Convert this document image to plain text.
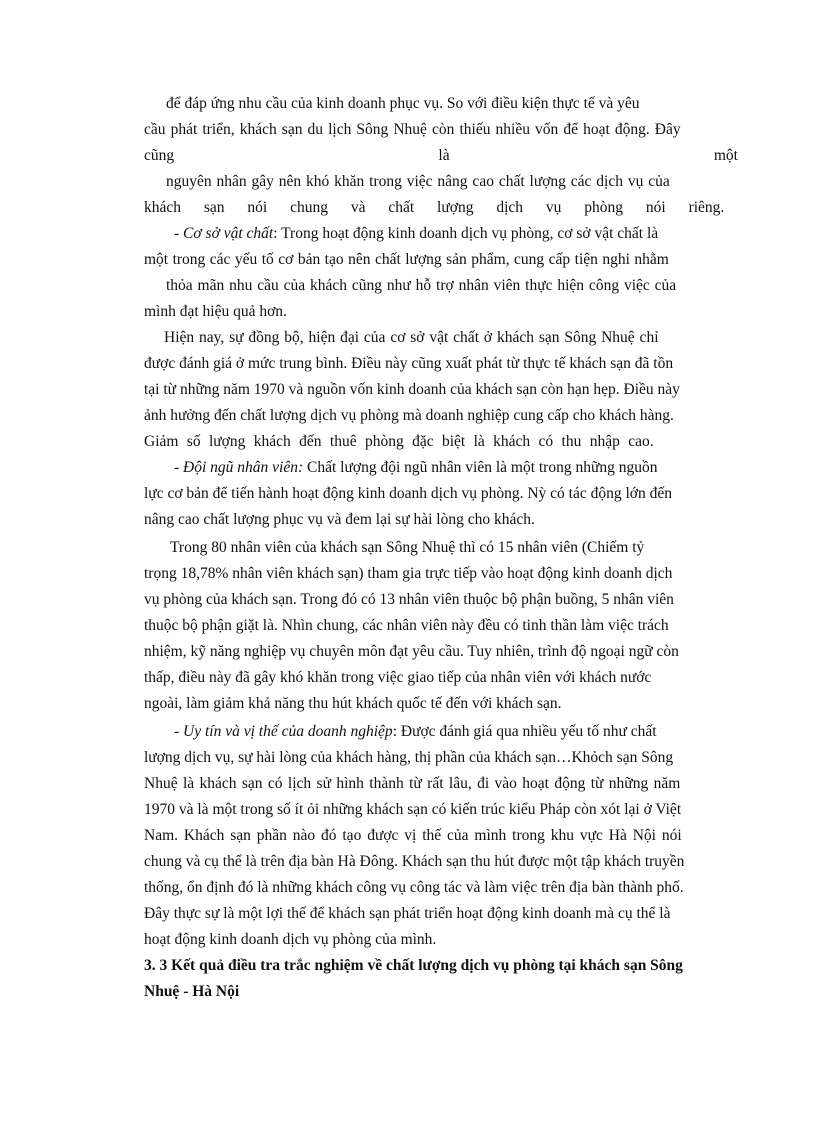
để đáp ứng nhu cầu của kinh doanh phục vụ. So với điều kiện thực tế và yêu
cầu phát triển, khách sạn du lịch Sông Nhuệ còn thiếu nhiều vốn để hoạt động. Đây
cũng	là	một
nguyên nhân gây nên khó khăn trong việc nâng cao chất lượng các dịch vụ của
khách sạn nói chung và chất lượng dịch vụ phòng nói riêng.
- Cơ sở vật chất: Trong hoạt động kinh doanh dịch vụ phòng, cơ sở vật chất là
một trong các yếu tố cơ bản tạo nên chất lượng sản phẩm, cung cấp tiện nghi nhằm
thỏa mãn nhu cầu của khách cũng như hỗ trợ nhân viên thực hiện công việc của
mình đạt hiệu quả hơn.
Hiện nay, sự đồng bộ, hiện đại của cơ sở vật chất ở khách sạn Sông Nhuệ chỉ
được đánh giá ở mức trung bình. Điều này cũng xuất phát từ thực tế khách sạn đã tồn
tại từ những năm 1970 và nguồn vốn kinh doanh của khách sạn còn hạn hẹp. Điều này
ảnh hưởng đến chất lượng dịch vụ phòng mà doanh nghiệp cung cấp cho khách hàng.
Giảm số lượng khách đến thuê phòng đặc biệt là khách có thu nhập cao.
- Đội ngũ nhân viên: Chất lượng đội ngũ nhân viên là một trong những nguồn
lực cơ bản để tiến hành hoạt động kinh doanh dịch vụ phòng. Nỳ có tác động lớn đến
nâng cao chất lượng phục vụ và đem lại sự hài lòng cho khách.
Trong 80 nhân viên của khách sạn Sông Nhuệ thì có 15 nhân viên (Chiếm tỷ
trọng 18,78% nhân viên khách sạn) tham gia trực tiếp vào hoạt động kinh doanh dịch
vụ phòng của khách sạn. Trong đó có 13 nhân viên thuộc bộ phận buồng, 5 nhân viên
thuộc bộ phận giặt là. Nhìn chung, các nhân viên này đều có tinh thần làm việc trách
nhiệm, kỹ năng nghiệp vụ chuyên môn đạt yêu cầu. Tuy nhiên, trình độ ngoại ngữ còn
thấp, điều này đã gây khó khăn trong việc giao tiếp của nhân viên với khách nước
ngoài, làm giảm khả năng thu hút khách quốc tế đến với khách sạn.
- Uy tín và vị thế của doanh nghiệp: Được đánh giá qua nhiều yếu tố như chất
lượng dịch vụ, sự hài lòng của khách hàng, thị phần của khách sạn…Khỏch sạn Sông
Nhuệ là khách sạn có lịch sử hình thành từ rất lâu, đi vào hoạt động từ những năm
1970 và là một trong số ít ỏi những khách sạn có kiến trúc kiểu Pháp còn xót lại ở Việt
Nam. Khách sạn phần nào đó tạo được vị thế của mình trong khu vực Hà Nội nói
chung và cụ thể là trên địa bàn Hà Đông. Khách sạn thu hút được một tập khách truyền
thống, ổn định đó là những khách công vụ công tác và làm việc trên địa bàn thành phố.
Đây thực sự là một lợi thế để khách sạn phát triển hoạt động kinh doanh mà cụ thể là
hoạt động kinh doanh dịch vụ phòng của mình.
3. 3 Kết quả điều tra trắc nghiệm về chất lượng dịch vụ phòng tại khách sạn Sông
Nhuệ - Hà Nội
